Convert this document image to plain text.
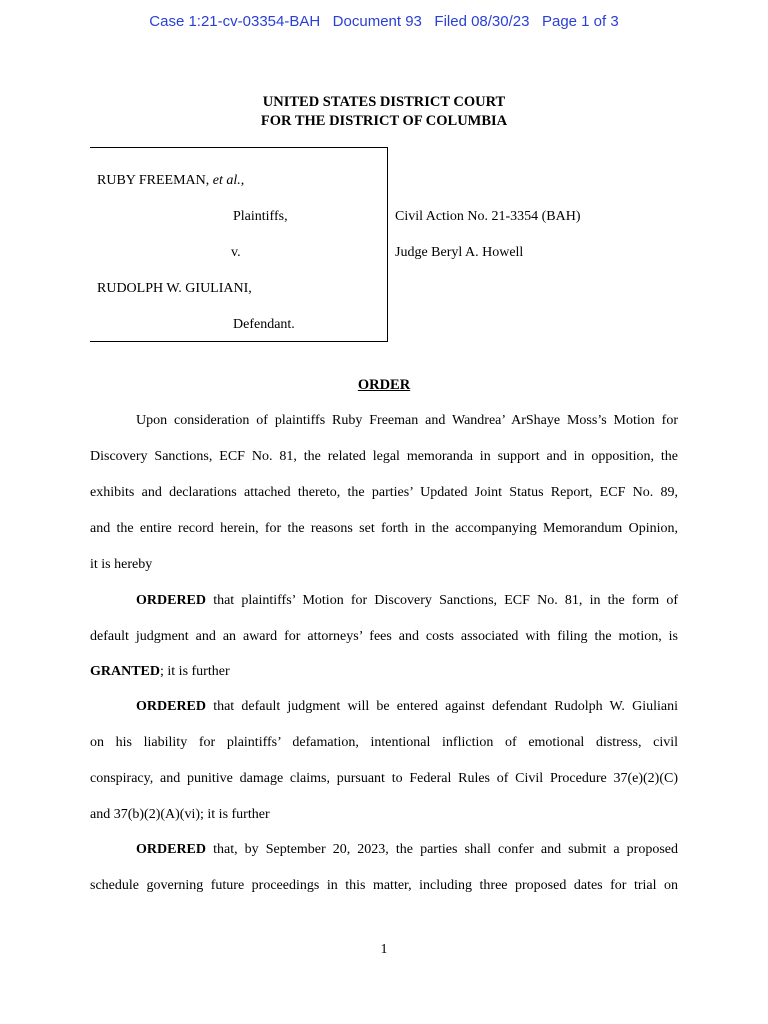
Case 1:21-cv-03354-BAH   Document 93   Filed 08/30/23   Page 1 of 3
UNITED STATES DISTRICT COURT
FOR THE DISTRICT OF COLUMBIA
RUBY FREEMAN, et al.,
Plaintiffs,
v.
RUDOLPH W. GIULIANI,
Defendant.
Civil Action No. 21-3354 (BAH)
Judge Beryl A. Howell
ORDER
Upon consideration of plaintiffs Ruby Freeman and Wandrea’ ArShaye Moss’s Motion for
Discovery Sanctions, ECF No. 81, the related legal memoranda in support and in opposition, the
exhibits and declarations attached thereto, the parties’ Updated Joint Status Report, ECF No. 89,
and the entire record herein, for the reasons set forth in the accompanying Memorandum Opinion,
it is hereby
ORDERED that plaintiffs’ Motion for Discovery Sanctions, ECF No. 81, in the form of
default judgment and an award for attorneys’ fees and costs associated with filing the motion, is
GRANTED; it is further
ORDERED that default judgment will be entered against defendant Rudolph W. Giuliani
on his liability for plaintiffs’ defamation, intentional infliction of emotional distress, civil
conspiracy, and punitive damage claims, pursuant to Federal Rules of Civil Procedure 37(e)(2)(C)
and 37(b)(2)(A)(vi); it is further
ORDERED that, by September 20, 2023, the parties shall confer and submit a proposed
schedule governing future proceedings in this matter, including three proposed dates for trial on
1
